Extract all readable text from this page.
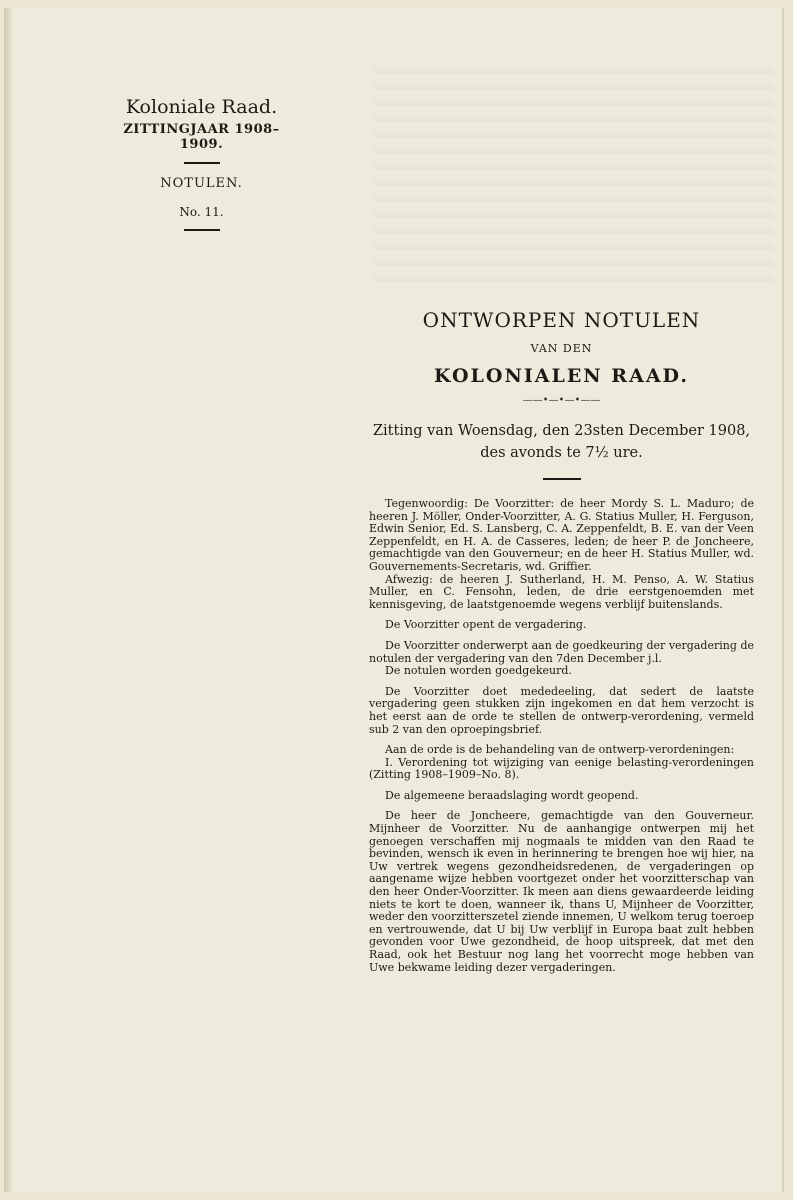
Koloniale Raad.
ZITTINGJAAR 1908–1909.
NOTULEN.
No. 11.
ONTWORPEN NOTULEN
VAN DEN
KOLONIALEN RAAD.
——•—•—•——
Zitting van Woensdag, den 23sten December 1908,
des avonds te 7½ ure.

Tegenwoordig: De Voorzitter: de heer Mordy S. L. Maduro; de heeren J. Möller, Onder-Voorzitter, A. G. Statius Muller, H. Ferguson, Edwin Senior, Ed. S. Lansberg, C. A. Zeppenfeldt, B. E. van der Veen Zeppenfeldt, en H. A. de Casseres, leden; de heer P. de Joncheere, gemachtigde van den Gouverneur; en de heer H. Statius Muller, wd. Gouvernements-Secretaris, wd. Griffier.

Afwezig: de heeren J. Sutherland, H. M. Penso, A. W. Statius Muller, en C. Fensohn, leden, de drie eerstgenoemden met kennisgeving, de laatstgenoemde wegens verblijf buitenslands.

De Voorzitter opent de vergadering.

De Voorzitter onderwerpt aan de goedkeuring der vergadering de notulen der vergadering van den 7den December j.l.

De notulen worden goedgekeurd.

De Voorzitter doet mededeeling, dat sedert de laatste vergadering geen stukken zijn ingekomen en dat hem verzocht is het eerst aan de orde te stellen de ontwerp-verordening, vermeld sub 2 van den oproepingsbrief.

Aan de orde is de behandeling van de ontwerp-verordeningen:

I. Verordening tot wijziging van eenige belasting-verordeningen (Zitting 1908–1909–No. 8).

De algemeene beraadslaging wordt geopend.

De heer de Joncheere, gemachtigde van den Gouverneur. Mijnheer de Voorzitter. Nu de aanhangige ontwerpen mij het genoegen verschaffen mij nogmaals te midden van den Raad te bevinden, wensch ik even in herinnering te brengen hoe wij hier, na Uw vertrek wegens gezondheidsredenen, de vergaderingen op aangename wijze hebben voortgezet onder het voorzitterschap van den heer Onder-Voorzitter. Ik meen aan diens gewaardeerde leiding niets te kort te doen, wanneer ik, thans U, Mijnheer de Voorzitter, weder den voorzitterszetel ziende innemen, U welkom terug toeroep en vertrouwende, dat U bij Uw verblijf in Europa baat zult hebben gevonden voor Uwe gezondheid, de hoop uitspreek, dat met den Raad, ook het Bestuur nog lang het voorrecht moge hebben van Uwe bekwame leiding dezer vergaderingen.
